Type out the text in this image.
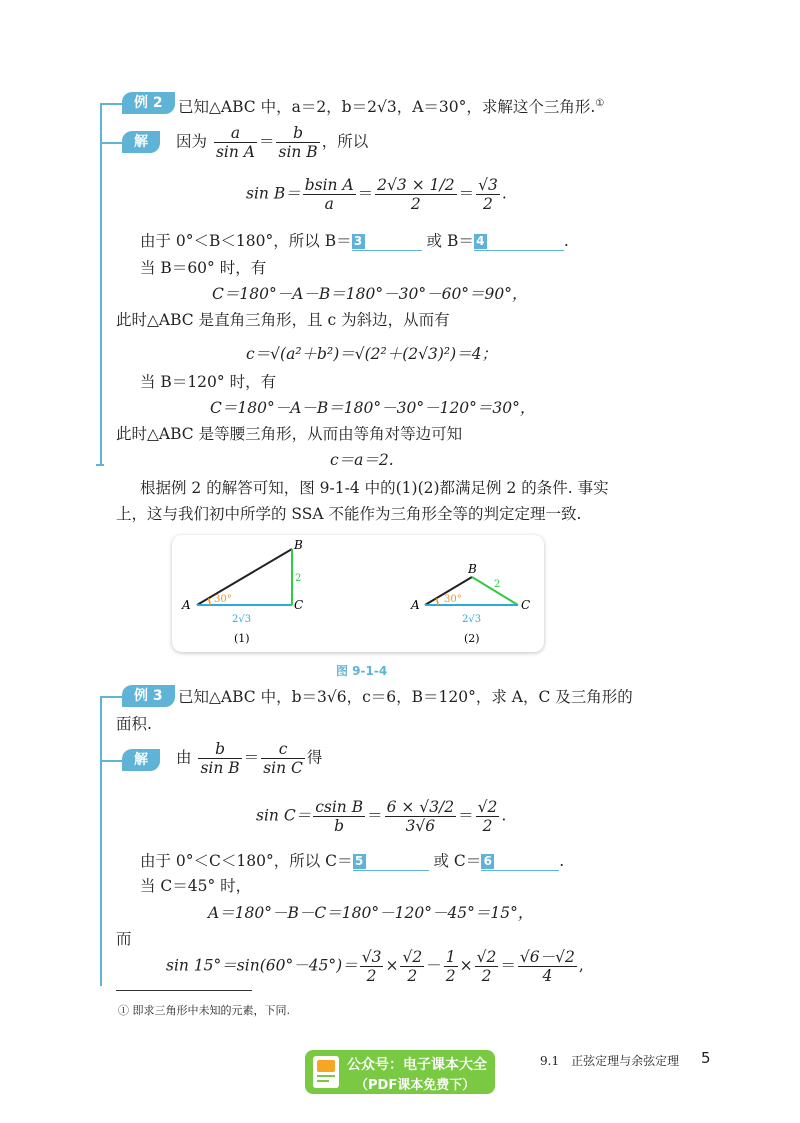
例 2 已知△ABC 中，a＝2，b＝2√3，A＝30°，求解这个三角形.①
解	因为 $\frac{a}{\text{sin A}} = \frac{b}{\text{sin B}}$ ，所以
$\sin B= \frac{\text{bsin A}}{a} = \frac{2√3 \times 1/2}{2} = \frac{√3}{2}$ .
由于 0°＜B＜180°，所以 B＝ 3	或 B＝ 4	.
当 B＝60° 时，有
C＝180°－A－B＝180°－30°－60°＝90°，
此时△ABC 是直角三角形，且 c 为斜边，从而有
c＝√(a²＋b²)＝√(2²＋(2√3)²)＝4；
当 B＝120° 时，有
C＝180°－A－B＝180°－30°－120°＝30°，
此时△ABC 是等腰三角形，从而由等角对等边可知
c＝a＝2.
根据例 2 的解答可知，图 9-1-4 中的(1)(2)都满足例 2 的条件. 事实
上，这与我们初中所学的 SSA 不能作为三角形全等的判定定理一致.
A
B
C
30°
2
2√3
(1)
A
B
C
30°
2
2√3
(2)
图 9-1-4
例 3 已知△ABC 中，b＝3√6，c＝6，B＝120°，求 A，C 及三角形的
面积.
解	由 $\frac{b}{\text{sin B}} = \frac{c}{\text{sin C}}$ 得
$\sin C= \frac{\text{csin B}}{b} = \frac{6 \times √3/2}{3√6} = \frac{√2}{2}$ .
由于 0°＜C＜180°，所以 C＝ 5	或 C＝ 6	.
当 C＝45° 时，
A＝180°－B－C＝180°－120°－45°＝15°，
而
$\sin 15^\circ=\sin(60^\circ-45^\circ)= \frac{√3}{2} \times \frac{√2}{2} - \frac{1}{2} \times \frac{√2}{2} = \frac{√6-√2}{4}$ ,
① 即求三角形中未知的元素，下同.
公众号：电子课本大全
（PDF课本免费下）
9.1　正弦定理与余弦定理 5
